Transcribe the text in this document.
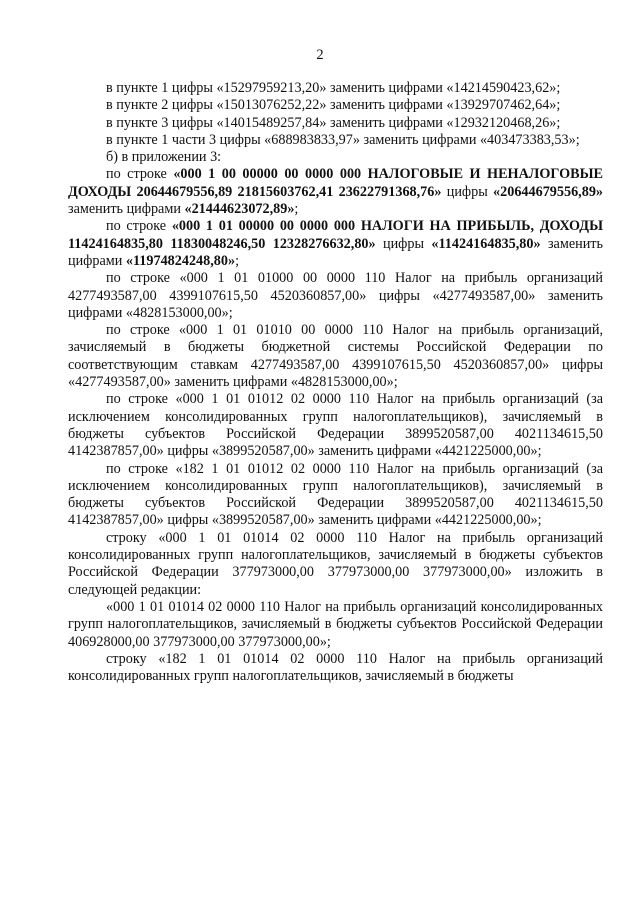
2

в пункте 1 цифры «15297959213,20» заменить цифрами «14214590423,62»;

в пункте 2 цифры «15013076252,22» заменить цифрами «13929707462,64»;

в пункте 3 цифры «14015489257,84» заменить цифрами «12932120468,26»;

в пункте 1 части 3 цифры «688983833,97» заменить цифрами «403473383,53»;

б) в приложении 3:

по строке «000 1 00 00000 00 0000 000 НАЛОГОВЫЕ И НЕНАЛОГОВЫЕ ДОХОДЫ 20644679556,89 21815603762,41 23622791368,76» цифры «20644679556,89» заменить цифрами «21444623072,89»;

по строке «000 1 01 00000 00 0000 000 НАЛОГИ НА ПРИБЫЛЬ, ДОХОДЫ 11424164835,80 11830048246,50 12328276632,80» цифры «11424164835,80» заменить цифрами «11974824248,80»;

по строке «000 1 01 01000 00 0000 110 Налог на прибыль организаций 4277493587,00 4399107615,50 4520360857,00» цифры «4277493587,00» заменить цифрами «4828153000,00»;

по строке «000 1 01 01010 00 0000 110 Налог на прибыль организаций, зачисляемый в бюджеты бюджетной системы Российской Федерации по соответствующим ставкам 4277493587,00 4399107615,50 4520360857,00» цифры «4277493587,00» заменить цифрами «4828153000,00»;

по строке «000 1 01 01012 02 0000 110 Налог на прибыль организаций (за исключением консолидированных групп налогоплательщиков), зачисляемый в бюджеты субъектов Российской Федерации 3899520587,00 4021134615,50 4142387857,00» цифры «3899520587,00» заменить цифрами «4421225000,00»;

по строке «182 1 01 01012 02 0000 110 Налог на прибыль организаций (за исключением консолидированных групп налогоплательщиков), зачисляемый в бюджеты субъектов Российской Федерации 3899520587,00 4021134615,50 4142387857,00» цифры «3899520587,00» заменить цифрами «4421225000,00»;

строку «000 1 01 01014 02 0000 110 Налог на прибыль организаций консолидированных групп налогоплательщиков, зачисляемый в бюджеты субъектов Российской Федерации 377973000,00 377973000,00 377973000,00» изложить в следующей редакции:

«000 1 01 01014 02 0000 110 Налог на прибыль организаций консолидированных групп налогоплательщиков, зачисляемый в бюджеты субъектов Российской Федерации 406928000,00 377973000,00 377973000,00»;

строку «182 1 01 01014 02 0000 110 Налог на прибыль организаций консолидированных групп налогоплательщиков, зачисляемый в бюджеты
